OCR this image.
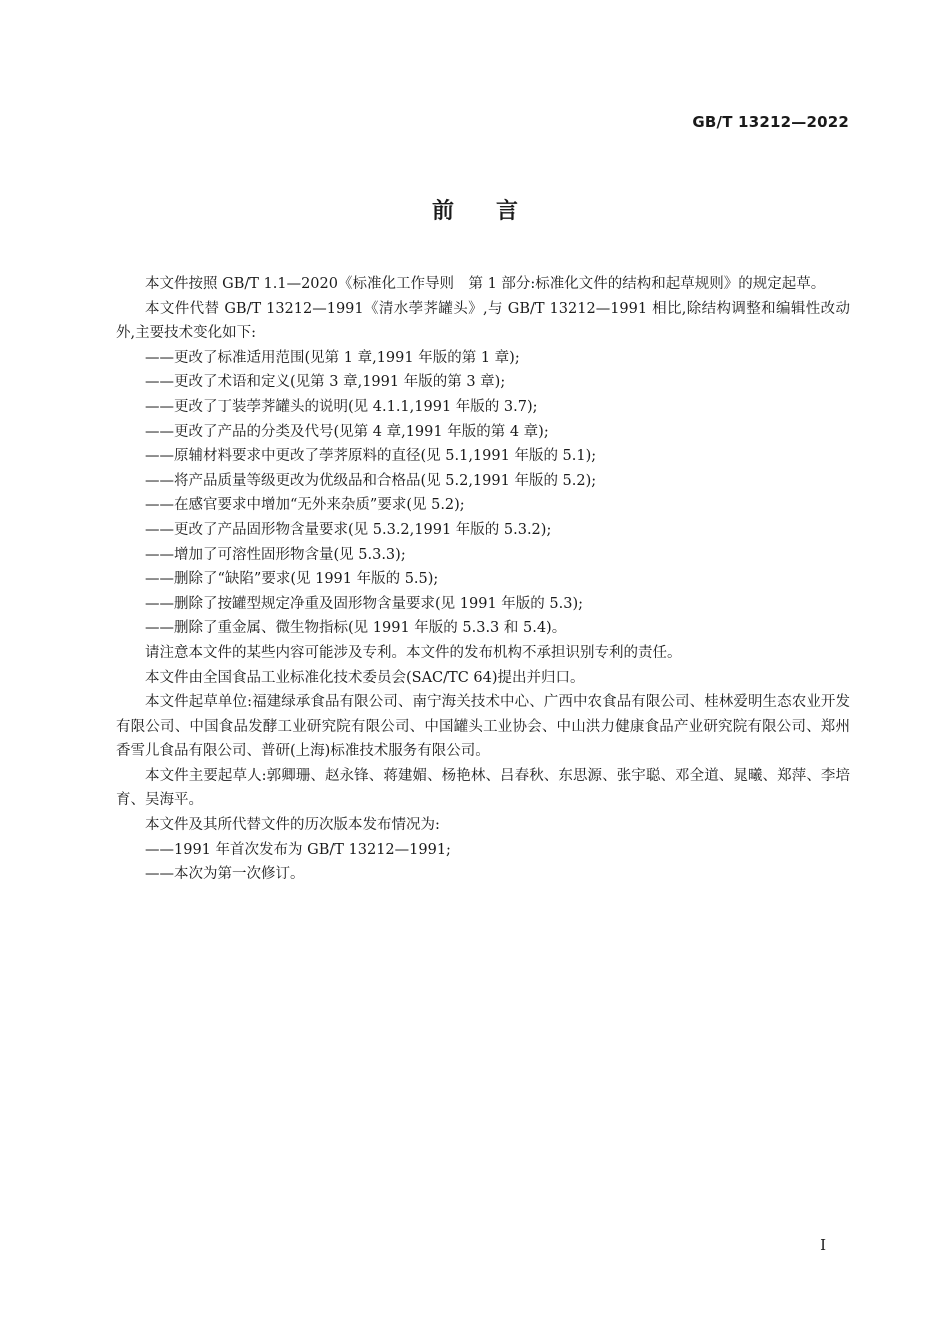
GB/T 13212—2022
前言

本文件按照 GB/T 1.1—2020《标准化工作导则　第 1 部分:标准化文件的结构和起草规则》的规定起草。

本文件代替 GB/T 13212—1991《清水荸荠罐头》,与 GB/T 13212—1991 相比,除结构调整和编辑性改动外,主要技术变化如下:

——更改了标准适用范围(见第 1 章,1991 年版的第 1 章);

——更改了术语和定义(见第 3 章,1991 年版的第 3 章);

——更改了丁装荸荠罐头的说明(见 4.1.1,1991 年版的 3.7);

——更改了产品的分类及代号(见第 4 章,1991 年版的第 4 章);

——原辅材料要求中更改了荸荠原料的直径(见 5.1,1991 年版的 5.1);

——将产品质量等级更改为优级品和合格品(见 5.2,1991 年版的 5.2);

——在感官要求中增加“无外来杂质”要求(见 5.2);

——更改了产品固形物含量要求(见 5.3.2,1991 年版的 5.3.2);

——增加了可溶性固形物含量(见 5.3.3);

——删除了“缺陷”要求(见 1991 年版的 5.5);

——删除了按罐型规定净重及固形物含量要求(见 1991 年版的 5.3);

——删除了重金属、微生物指标(见 1991 年版的 5.3.3 和 5.4)。

请注意本文件的某些内容可能涉及专利。本文件的发布机构不承担识别专利的责任。

本文件由全国食品工业标准化技术委员会(SAC/TC 64)提出并归口。

本文件起草单位:福建绿承食品有限公司、南宁海关技术中心、广西中农食品有限公司、桂林爱明生态农业开发有限公司、中国食品发酵工业研究院有限公司、中国罐头工业协会、中山洪力健康食品产业研究院有限公司、郑州香雪儿食品有限公司、普研(上海)标准技术服务有限公司。

本文件主要起草人:郭卿珊、赵永锋、蒋建媚、杨艳林、吕春秋、东思源、张宇聪、邓全道、晁曦、郑萍、李培育、吴海平。

本文件及其所代替文件的历次版本发布情况为:

——1991 年首次发布为 GB/T 13212—1991;

——本次为第一次修订。

I
